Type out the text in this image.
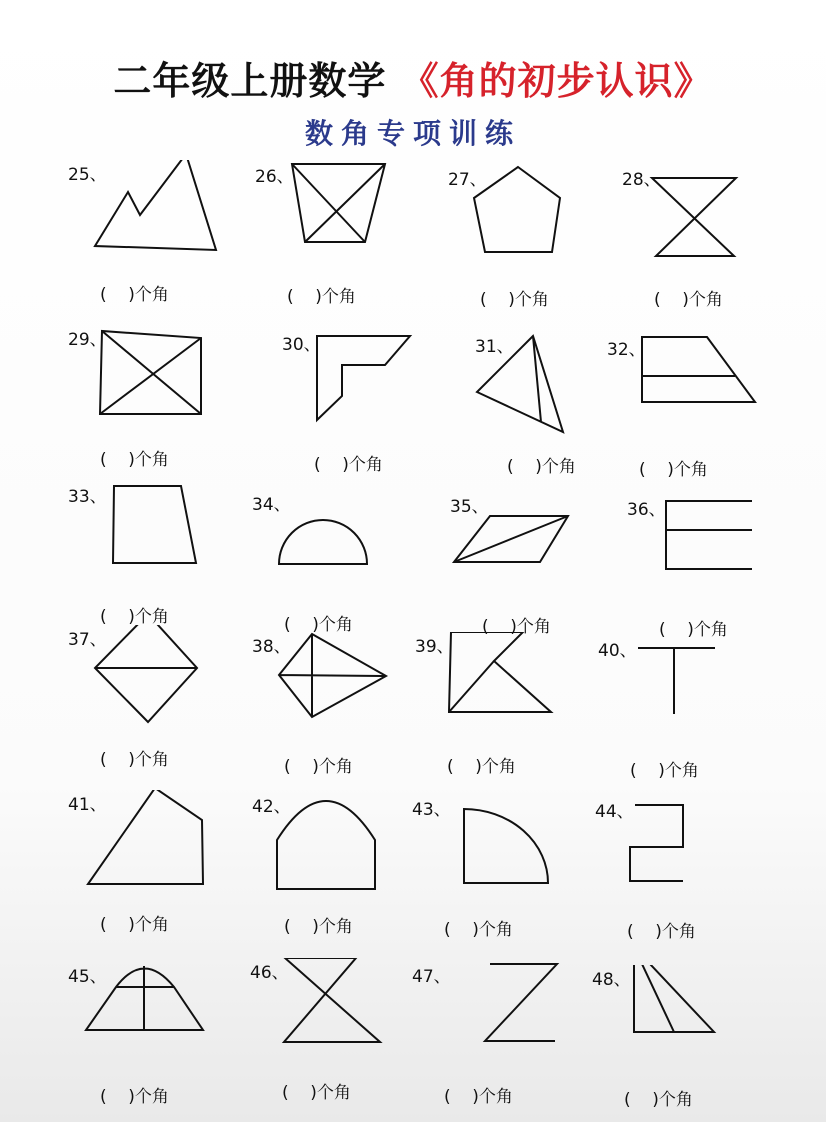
二年级上册数学 《角的初步认识》
数角专项训练
25、
(    )个角
26、
(    )个角
27、
(    )个角
28、
(    )个角
29、
(    )个角
30、
(    )个角
31、
(    )个角
32、
(    )个角
33、
(    )个角
34、
(    )个角
35、
(    )个角
36、
(    )个角
37、
(    )个角
38、
(    )个角
39、
(    )个角
40、
(    )个角
41、
(    )个角
42、
(    )个角
43、
(    )个角
44、
(    )个角
45、
(    )个角
46、
(    )个角
47、
(    )个角
48、
(    )个角
